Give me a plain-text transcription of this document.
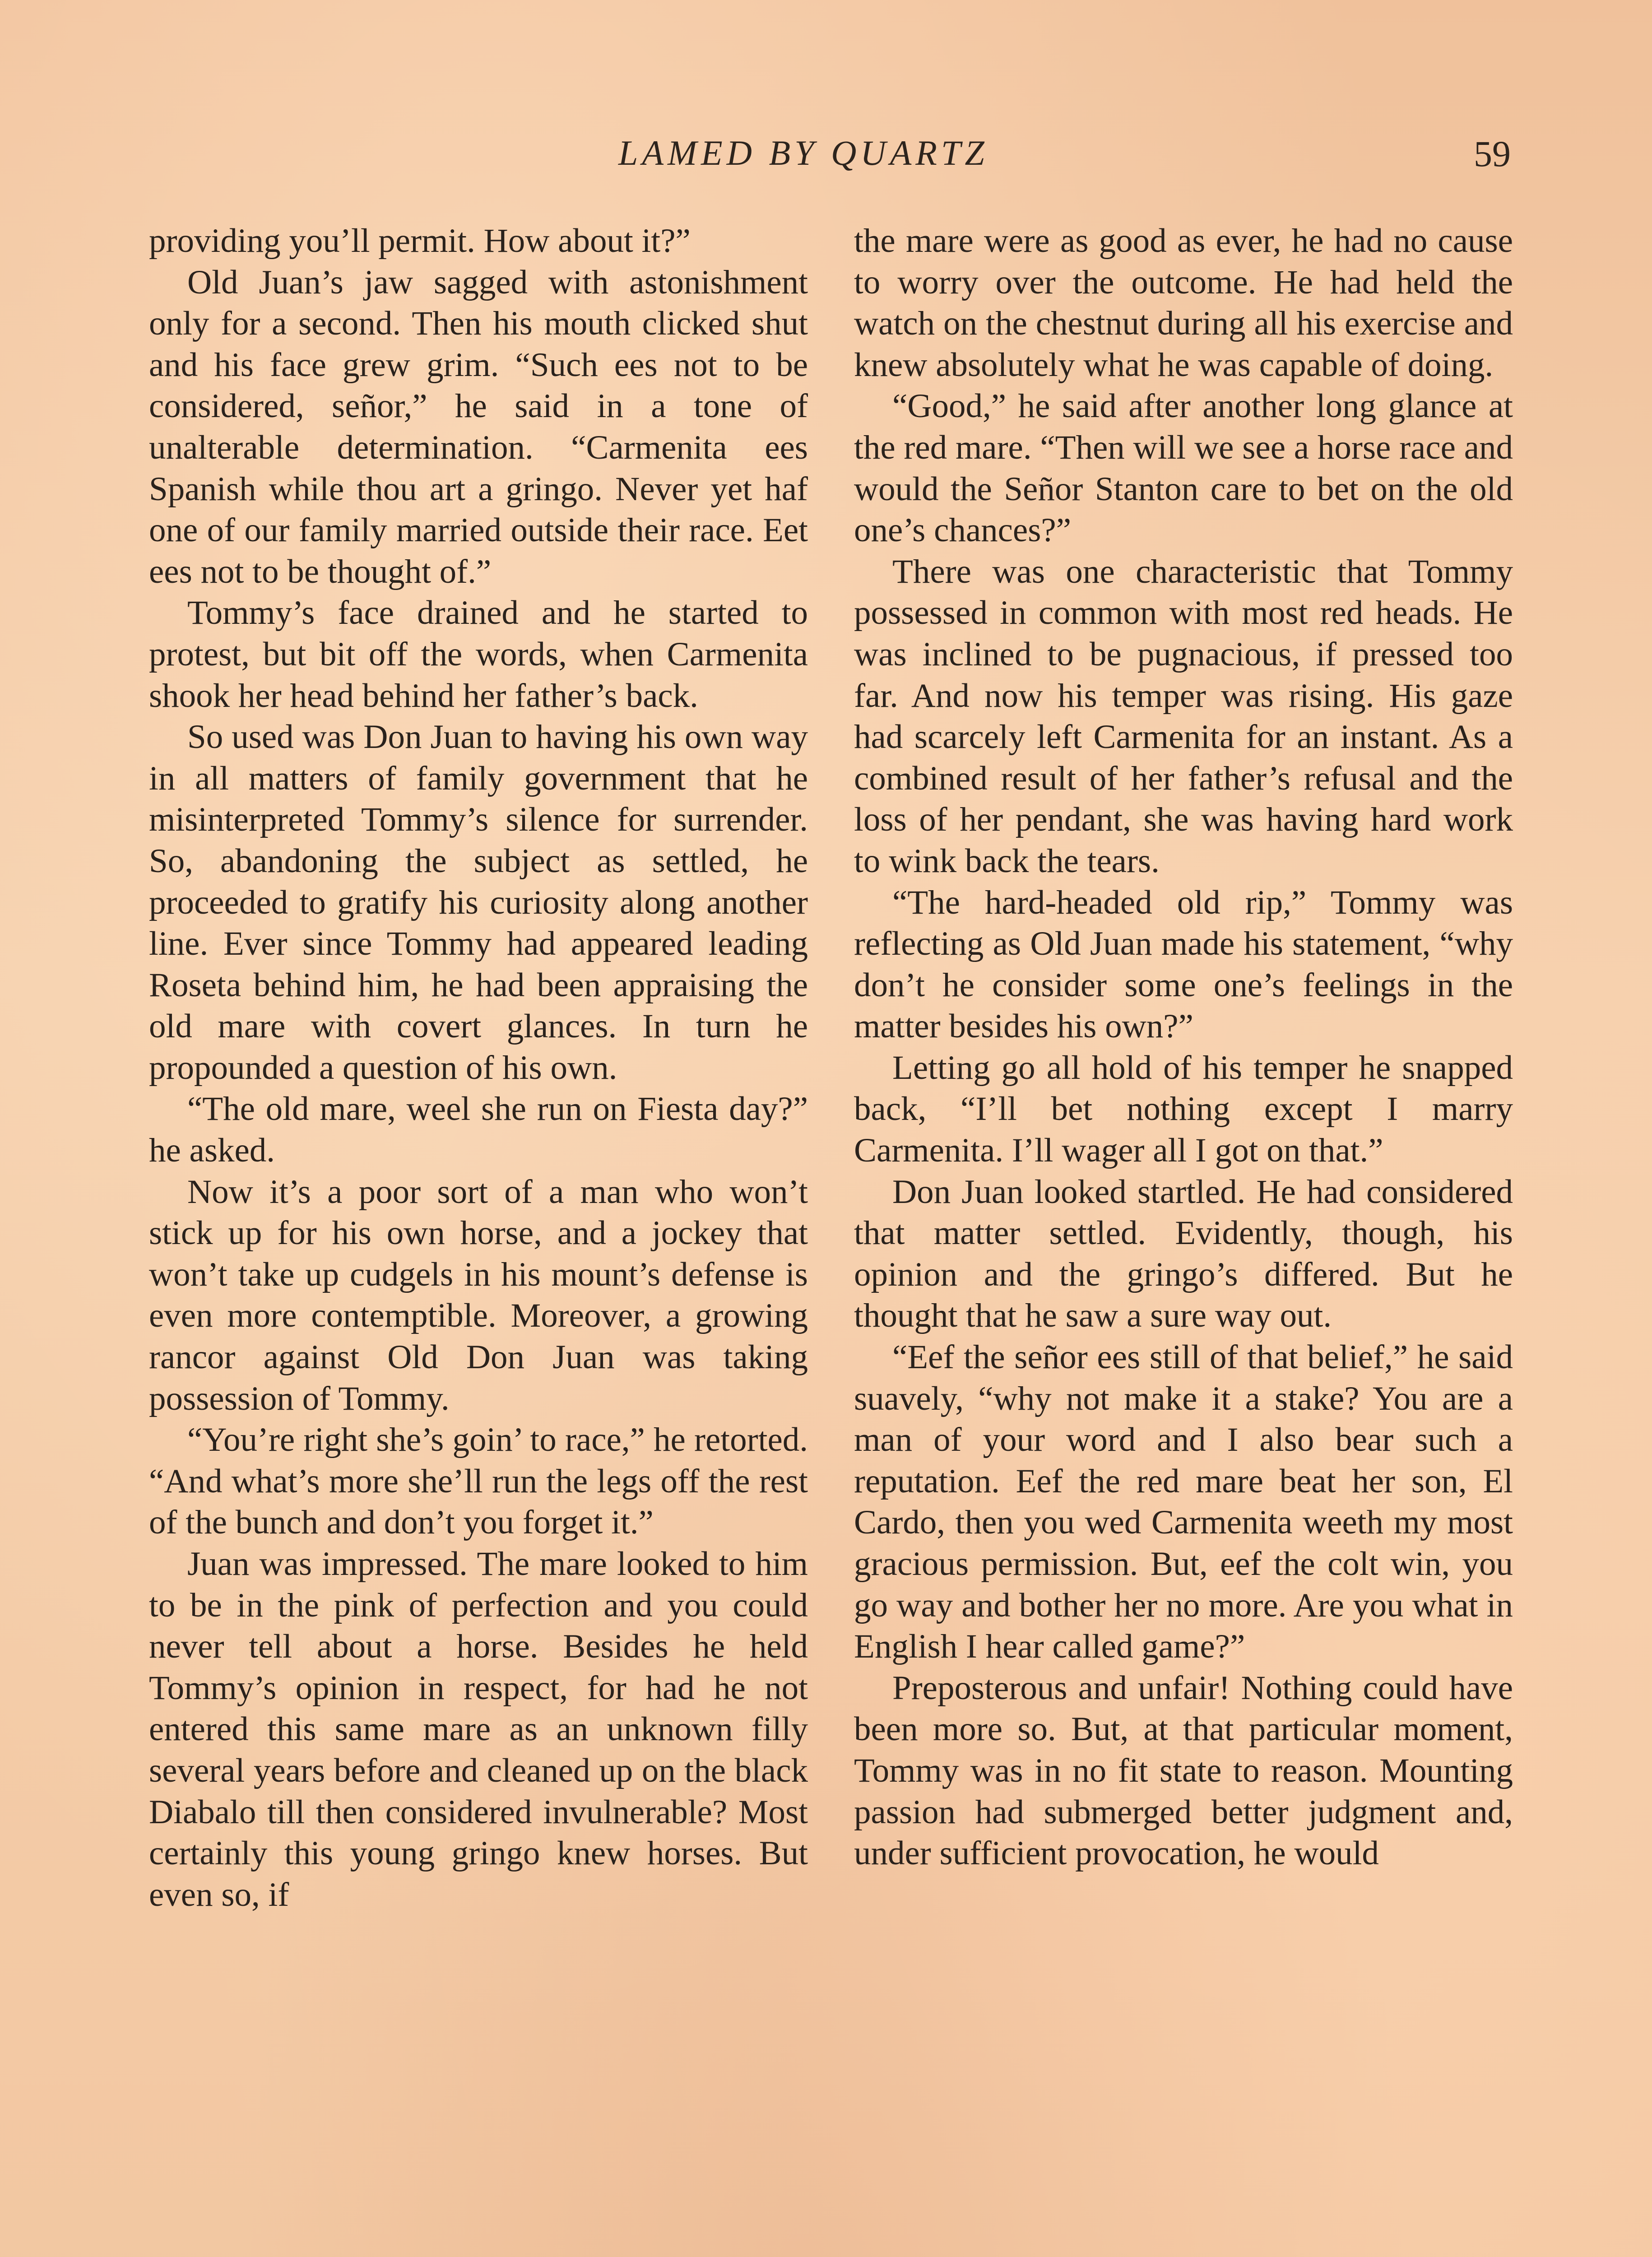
LAMED BY QUARTZ	59

providing you’ll permit. How about it?”

Old Juan’s jaw sagged with astonishment only for a second. Then his mouth clicked shut and his face grew grim. “Such ees not to be considered, señor,” he said in a tone of unalterable determination. “Carmenita ees Spanish while thou art a gringo. Never yet haf one of our family married outside their race. Eet ees not to be thought of.”

Tommy’s face drained and he started to protest, but bit off the words, when Carmenita shook her head behind her father’s back.

So used was Don Juan to having his own way in all matters of family government that he misinterpreted Tommy’s silence for surrender. So, abandoning the subject as settled, he proceeded to gratify his curiosity along another line. Ever since Tommy had appeared leading Roseta behind him, he had been appraising the old mare with covert glances. In turn he propounded a question of his own.

“The old mare, weel she run on Fiesta day?” he asked.

Now it’s a poor sort of a man who won’t stick up for his own horse, and a jockey that won’t take up cudgels in his mount’s defense is even more contemptible. Moreover, a growing rancor against Old Don Juan was taking possession of Tommy.

“You’re right she’s goin’ to race,” he retorted. “And what’s more she’ll run the legs off the rest of the bunch and don’t you forget it.”

Juan was impressed. The mare looked to him to be in the pink of perfection and you could never tell about a horse. Besides he held Tommy’s opinion in respect, for had he not entered this same mare as an unknown filly several years before and cleaned up on the black Diabalo till then considered invulnerable? Most certainly this young gringo knew horses. But even so, if

the mare were as good as ever, he had no cause to worry over the outcome. He had held the watch on the chestnut during all his exercise and knew absolutely what he was capable of doing.

“Good,” he said after another long glance at the red mare. “Then will we see a horse race and would the Señor Stanton care to bet on the old one’s chances?”

There was one characteristic that Tommy possessed in common with most red heads. He was inclined to be pugnacious, if pressed too far. And now his temper was rising. His gaze had scarcely left Carmenita for an instant. As a combined result of her father’s refusal and the loss of her pendant, she was having hard work to wink back the tears.

“The hard-headed old rip,” Tommy was reflecting as Old Juan made his statement, “why don’t he consider some one’s feelings in the matter besides his own?”

Letting go all hold of his temper he snapped back, “I’ll bet nothing except I marry Carmenita. I’ll wager all I got on that.”

Don Juan looked startled. He had considered that matter settled. Evidently, though, his opinion and the gringo’s differed. But he thought that he saw a sure way out.

“Eef the señor ees still of that belief,” he said suavely, “why not make it a stake? You are a man of your word and I also bear such a reputation. Eef the red mare beat her son, El Cardo, then you wed Carmenita weeth my most gracious permission. But, eef the colt win, you go way and bother her no more. Are you what in English I hear called game?”

Preposterous and unfair! Nothing could have been more so. But, at that particular moment, Tommy was in no fit state to reason. Mounting passion had submerged better judgment and, under sufficient provocation, he would
